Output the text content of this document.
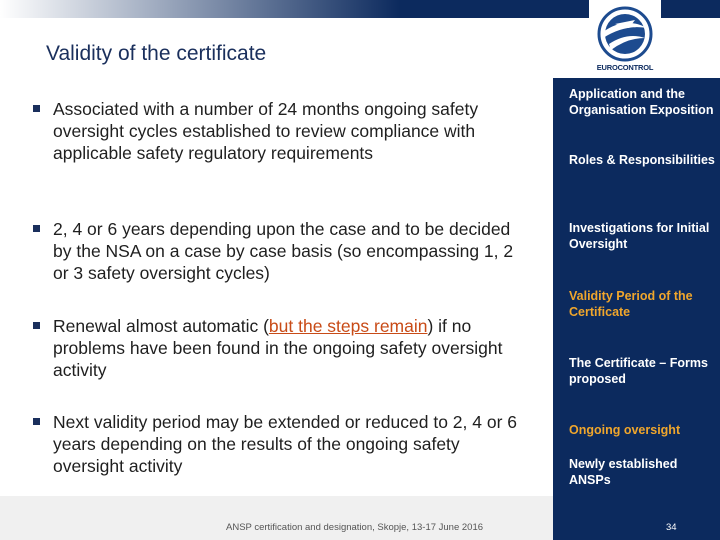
EUROCONTROL
Validity of the certificate
Associated with a number of 24 months ongoing safety oversight cycles established to review compliance with applicable safety regulatory requirements
2, 4 or 6 years depending upon the case and to be decided by the NSA on a case by case basis (so encompassing 1, 2 or 3 safety oversight cycles)
Renewal almost automatic (but the steps remain) if no problems have been found in the ongoing safety oversight activity
Next validity period may be extended or reduced to 2, 4 or 6 years depending on the results of the ongoing safety oversight activity
Application and the Organisation Exposition
Roles & Responsibilities
Investigations for Initial Oversight
Validity Period of the Certificate
The Certificate – Forms proposed
Ongoing oversight
Newly established ANSPs
ANSP certification and designation, Skopje, 13-17 June 2016	34
